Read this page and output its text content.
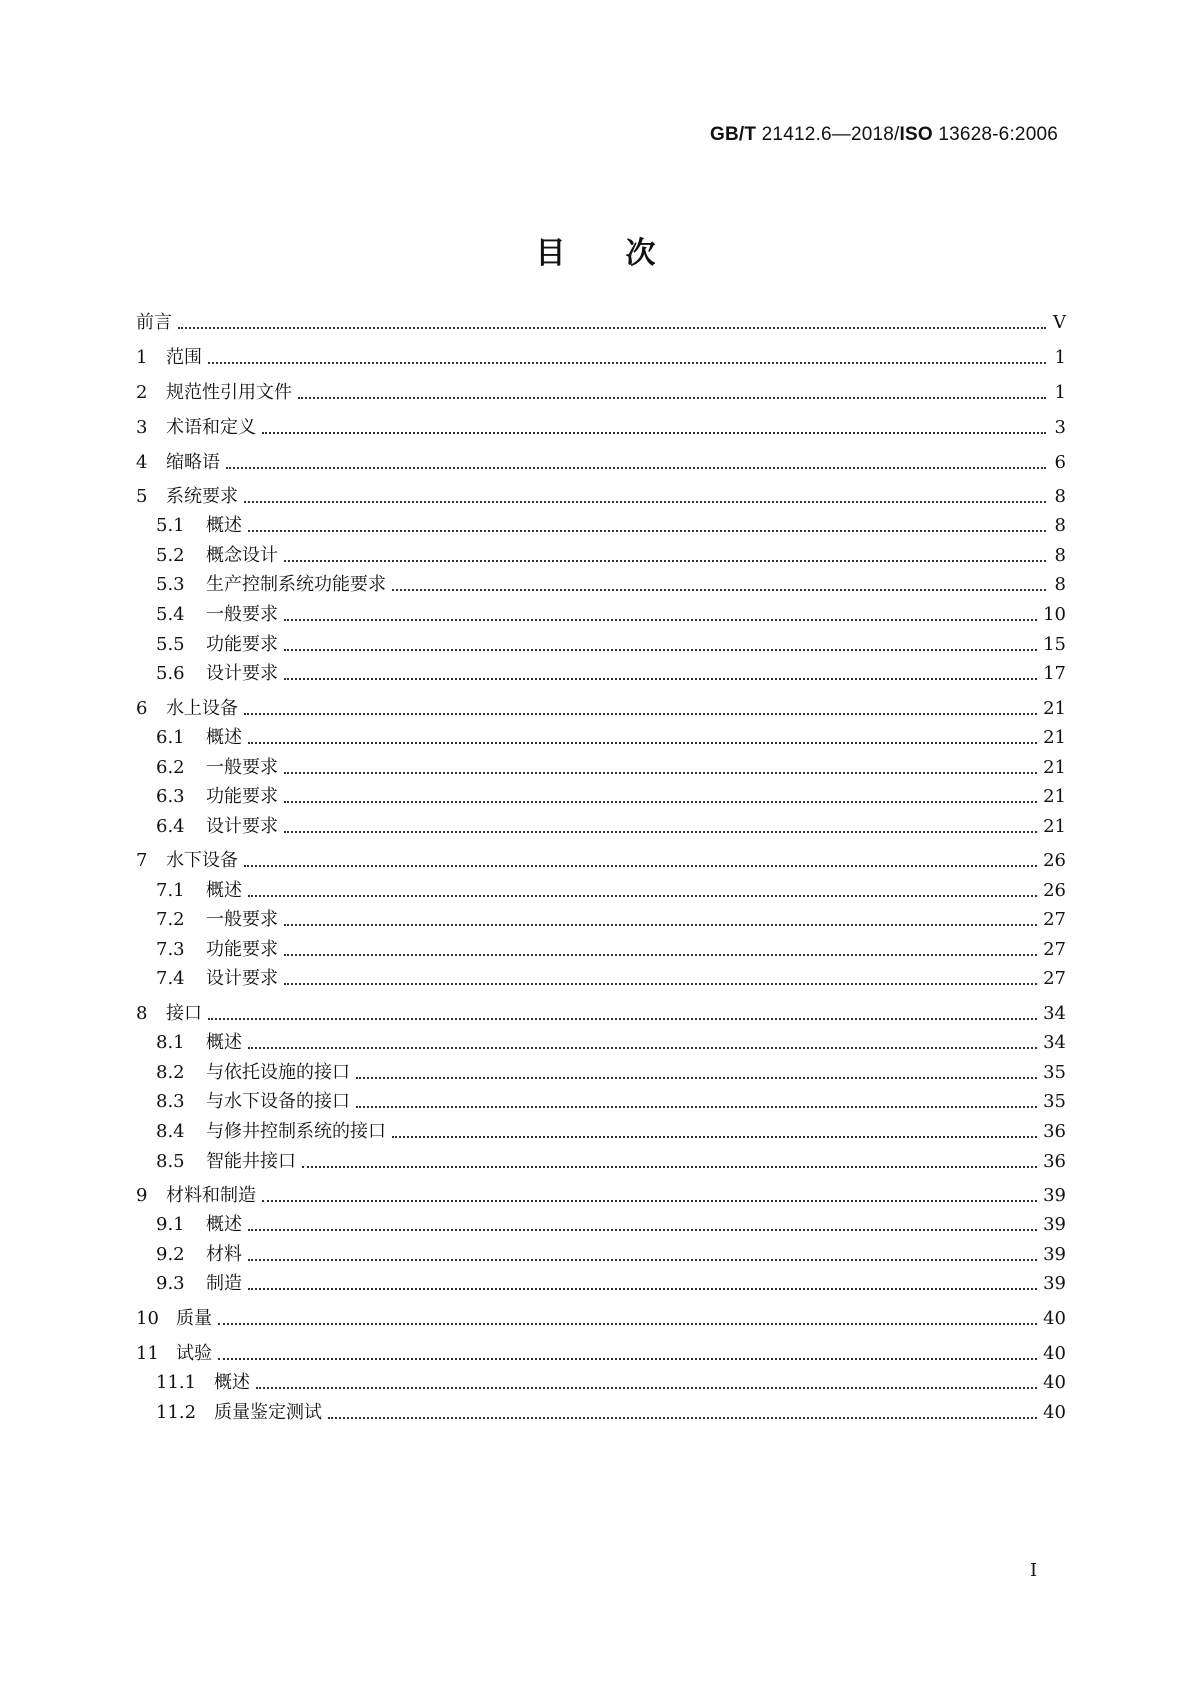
GB/T 21412.6—2018/ISO 13628-6:2006
目　　次
前言	Ⅴ
1 范围	1
2 规范性引用文件	1
3 术语和定义	3
4 缩略语	6
5 系统要求	8
5.1 概述	8
5.2 概念设计	8
5.3 生产控制系统功能要求	8
5.4 一般要求	10
5.5 功能要求	15
5.6 设计要求	17
6 水上设备	21
6.1 概述	21
6.2 一般要求	21
6.3 功能要求	21
6.4 设计要求	21
7 水下设备	26
7.1 概述	26
7.2 一般要求	27
7.3 功能要求	27
7.4 设计要求	27
8 接口	34
8.1 概述	34
8.2 与依托设施的接口	35
8.3 与水下设备的接口	35
8.4 与修井控制系统的接口	36
8.5 智能井接口	36
9 材料和制造	39
9.1 概述	39
9.2 材料	39
9.3 制造	39
10 质量	40
11 试验	40
11.1 概述	40
11.2 质量鉴定测试	40
Ⅰ
